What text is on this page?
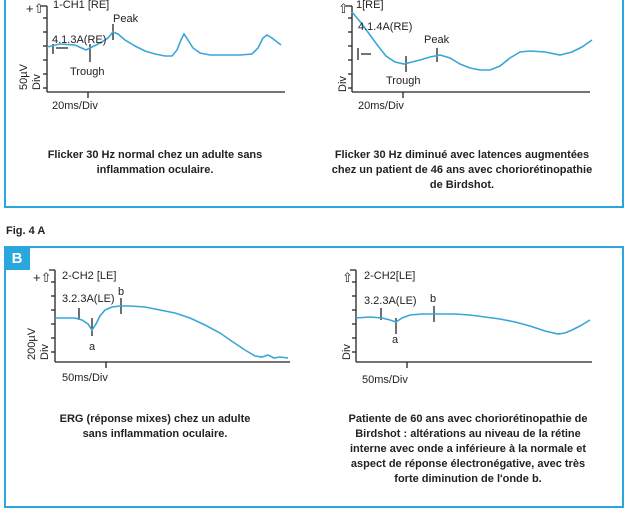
B
Fig. 4 A
+⇧ 1-CH1 [RE]
4.1.3A(RE)
Peak
Trough
50µV Div
20ms/Div
⇧ 1[RE]
4.1.4A(RE)
Peak
Trough
Div
20ms/Div
+⇧ 2-CH2 [LE]
3.2.3A(LE)
b
a
200µV Div
50ms/Div
⇧ 2-CH2[LE]
3.2.3A(LE) b
a
Div
50ms/Div
Flicker 30 Hz normal chez un adulte sans
inflammation oculaire.
Flicker 30 Hz diminué avec latences augmentées
chez un patient de 46 ans avec choriorétinopathie
de Birdshot.
ERG (réponse mixes) chez un adulte
sans inflammation oculaire.
Patiente de 60 ans avec choriorétinopathie de
Birdshot : altérations au niveau de la rétine
interne avec onde a inférieure à la normale et
aspect de réponse électronégative, avec très
forte diminution de l'onde b.
